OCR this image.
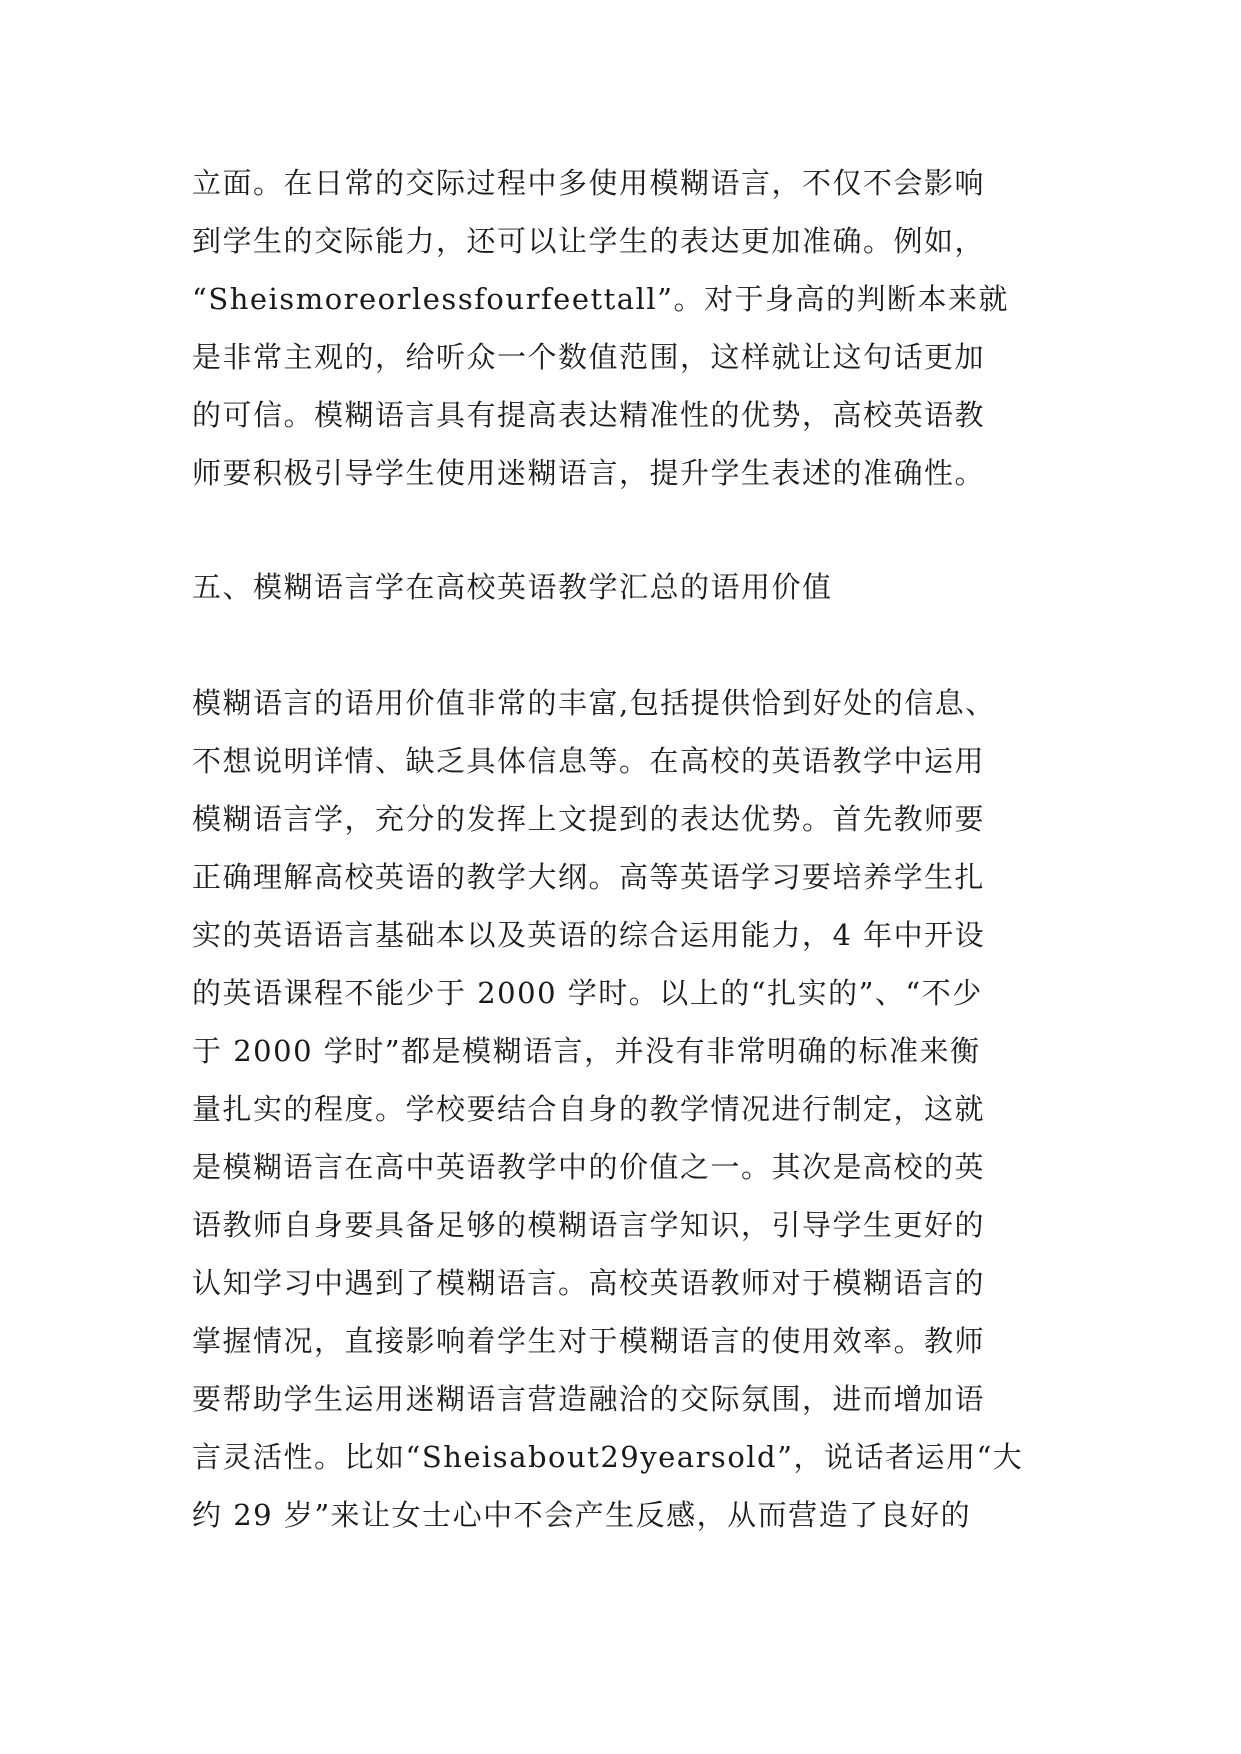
立面。在日常的交际过程中多使用模糊语言，不仅不会影响
到学生的交际能力，还可以让学生的表达更加准确。例如，
“Sheismoreorlessfourfeettall”。对于身高的判断本来就
是非常主观的，给听众一个数值范围，这样就让这句话更加
的可信。模糊语言具有提高表达精准性的优势，高校英语教
师要积极引导学生使用迷糊语言，提升学生表述的准确性。
五、模糊语言学在高校英语教学汇总的语用价值
模糊语言的语用价值非常的丰富,包括提供恰到好处的信息、
不想说明详情、缺乏具体信息等。在高校的英语教学中运用
模糊语言学，充分的发挥上文提到的表达优势。首先教师要
正确理解高校英语的教学大纲。高等英语学习要培养学生扎
实的英语语言基础本以及英语的综合运用能力，4 年中开设
的英语课程不能少于 2000 学时。以上的“扎实的”、“不少
于 2000 学时”都是模糊语言，并没有非常明确的标准来衡
量扎实的程度。学校要结合自身的教学情况进行制定，这就
是模糊语言在高中英语教学中的价值之一。其次是高校的英
语教师自身要具备足够的模糊语言学知识，引导学生更好的
认知学习中遇到了模糊语言。高校英语教师对于模糊语言的
掌握情况，直接影响着学生对于模糊语言的使用效率。教师
要帮助学生运用迷糊语言营造融洽的交际氛围，进而增加语
言灵活性。比如“Sheisabout29yearsold”，说话者运用“大
约 29 岁”来让女士心中不会产生反感，从而营造了良好的
